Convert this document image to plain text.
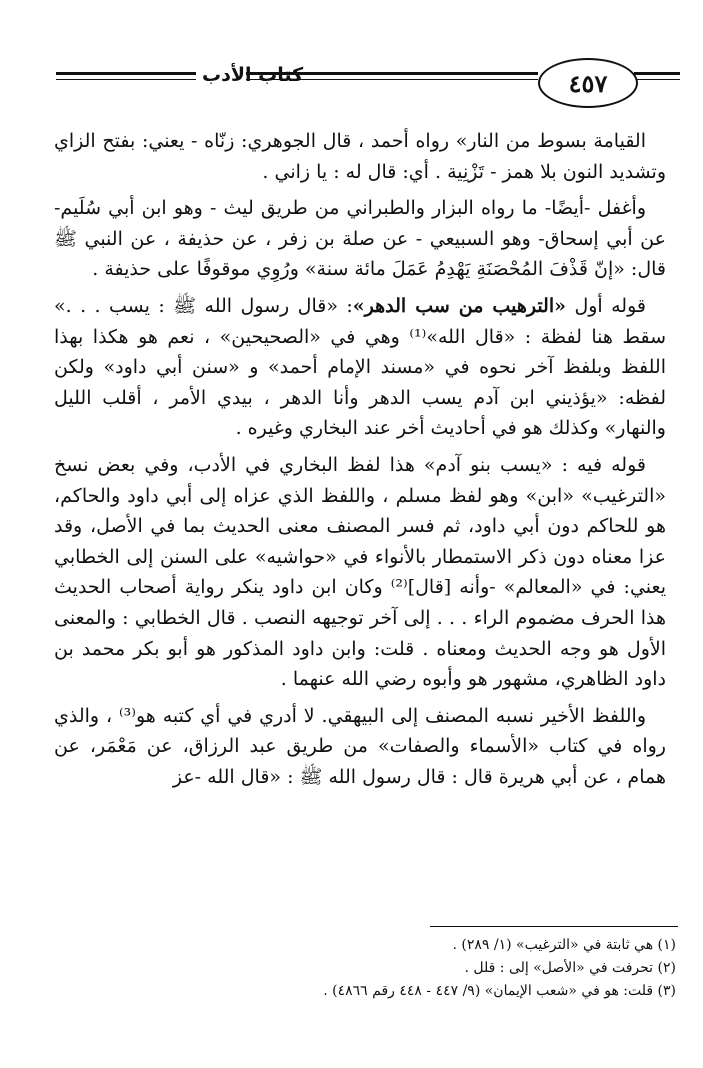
كتاب الأدب	٤٥٧

القيامة بسوط من النار» رواه أحمد ، قال الجوهري: زنّاه - يعني: بفتح الزاي وتشديد النون بلا همز - تَزْنِية . أي: قال له : يا زاني .

وأغفل -أيضًا- ما رواه البزار والطبراني من طريق ليث - وهو ابن أبي سُلَيم- عن أبي إسحاق- وهو السبيعي - عن صلة بن زفر ، عن حذيفة ، عن النبي ﷺ قال: «إنّ قَذْفَ المُحْصَنَةِ يَهْدِمُ عَمَلَ مائة سنة» ورُوِي موقوفًا على حذيفة .

قوله أول «الترهيب من سب الدهر»: «قال رسول الله ﷺ : يسب . . .» سقط هنا لفظة : «قال الله»⁽¹⁾ وهي في «الصحيحين» ، نعم هو هكذا بهذا اللفظ وبلفظ آخر نحوه في «مسند الإمام أحمد» و «سنن أبي داود» ولكن لفظه: «يؤذيني ابن آدم يسب الدهر وأنا الدهر ، بيدي الأمر ، أقلب الليل والنهار» وكذلك هو في أحاديث أخر عند البخاري وغيره .

قوله فيه : «يسب بنو آدم» هذا لفظ البخاري في الأدب، وفي بعض نسخ «الترغيب» «ابن» وهو لفظ مسلم ، واللفظ الذي عزاه إلى أبي داود والحاكم، هو للحاكم دون أبي داود، ثم فسر المصنف معنى الحديث بما في الأصل، وقد عزا معناه دون ذكر الاستمطار بالأنواء في «حواشيه» على السنن إلى الخطابي يعني: في «المعالم» -وأنه [قال]⁽²⁾ وكان ابن داود ينكر رواية أصحاب الحديث هذا الحرف مضموم الراء . . . إلى آخر توجيهه النصب . قال الخطابي : والمعنى الأول هو وجه الحديث ومعناه . قلت: وابن داود المذكور هو أبو بكر محمد بن داود الظاهري، مشهور هو وأبوه رضي الله عنهما .

واللفظ الأخير نسبه المصنف إلى البيهقي. لا أدري في أي كتبه هو⁽³⁾ ، والذي رواه في كتاب «الأسماء والصفات» من طريق عبد الرزاق، عن مَعْمَر، عن همام ، عن أبي هريرة قال : قال رسول الله ﷺ : «قال الله -عز

(١) هي ثابتة في «الترغيب» (١/ ٢٨٩) .
(٢) تحرفت في «الأصل» إلى : قلل .
(٣) قلت: هو في «شعب الإيمان» (٩/ ٤٤٧ - ٤٤٨ رقم ٤٨٦٦) .
